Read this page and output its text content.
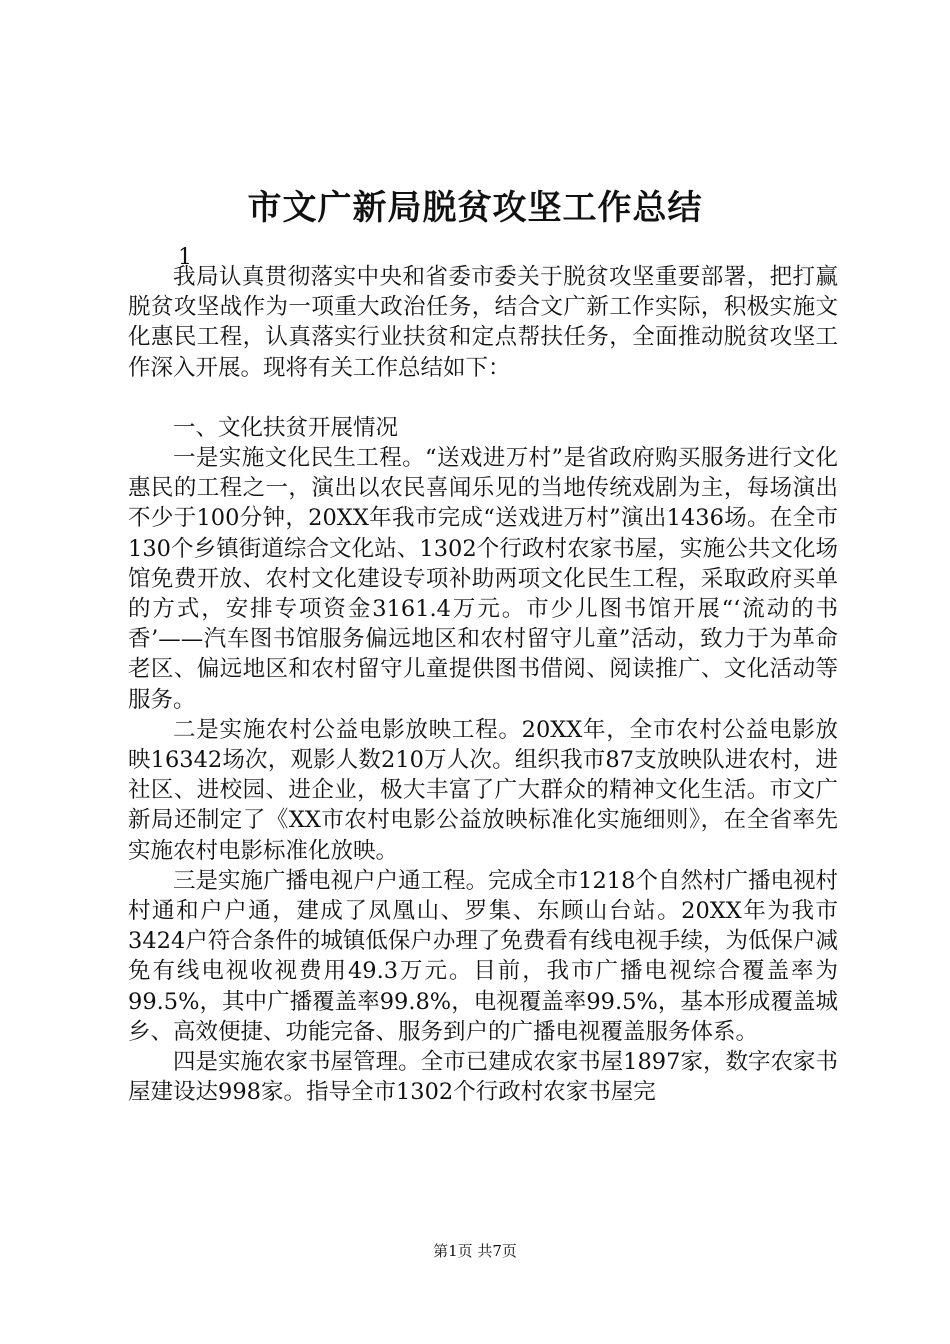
市文广新局脱贫攻坚工作总结
1

我局认真贯彻落实中央和省委市委关于脱贫攻坚重要部署，把打赢脱贫攻坚战作为一项重大政治任务，结合文广新工作实际，积极实施文化惠民工程，认真落实行业扶贫和定点帮扶任务，全面推动脱贫攻坚工作深入开展。现将有关工作总结如下：

一、文化扶贫开展情况

一是实施文化民生工程。“送戏进万村”是省政府购买服务进行文化惠民的工程之一，演出以农民喜闻乐见的当地传统戏剧为主，每场演出不少于100分钟，20XX年我市完成“送戏进万村”演出1436场。在全市130个乡镇街道综合文化站、1302个行政村农家书屋，实施公共文化场馆免费开放、农村文化建设专项补助两项文化民生工程，采取政府买单的方式，安排专项资金3161.4万元。市少儿图书馆开展“‘流动的书香’——汽车图书馆服务偏远地区和农村留守儿童”活动，致力于为革命老区、偏远地区和农村留守儿童提供图书借阅、阅读推广、文化活动等服务。

二是实施农村公益电影放映工程。20XX年，全市农村公益电影放映16342场次，观影人数210万人次。组织我市87支放映队进农村，进社区、进校园、进企业，极大丰富了广大群众的精神文化生活。市文广新局还制定了《XX市农村电影公益放映标准化实施细则》，在全省率先实施农村电影标准化放映。

三是实施广播电视户户通工程。完成全市1218个自然村广播电视村村通和户户通，建成了凤凰山、罗集、东顾山台站。20XX年为我市3424户符合条件的城镇低保户办理了免费看有线电视手续，为低保户减免有线电视收视费用49.3万元。目前，我市广播电视综合覆盖率为99.5%，其中广播覆盖率99.8%，电视覆盖率99.5%，基本形成覆盖城乡、高效便捷、功能完备、服务到户的广播电视覆盖服务体系。

四是实施农家书屋管理。全市已建成农家书屋1897家，数字农家书屋建设达998家。指导全市1302个行政村农家书屋完

第1页 共7页
